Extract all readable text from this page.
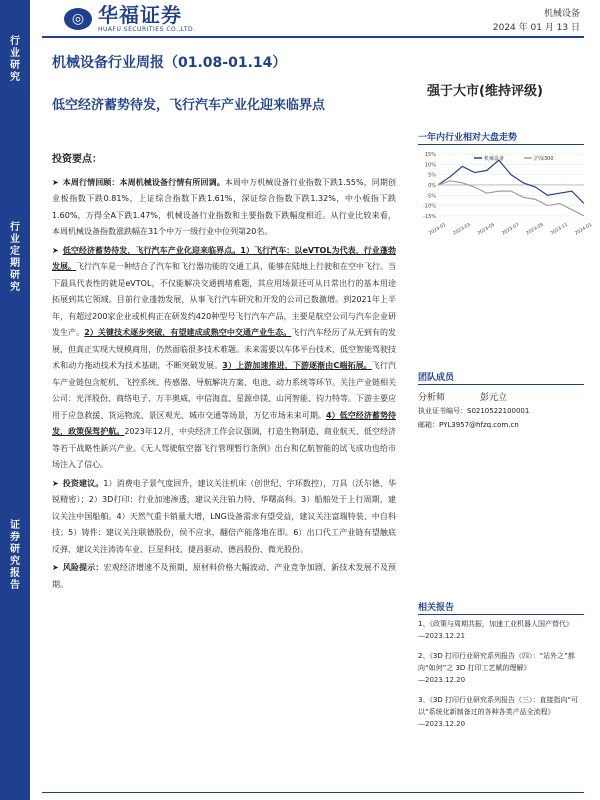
行业研究
行业定期研究
证券研究报告
◎ 华福证券
HUAFU SECURITIES CO.,LTD.
机械设备
2024 年 01 月 13 日
机械设备行业周报（01.08-01.14）
强于大市(维持评级)
低空经济蓄势待发，飞行汽车产业化迎来临界点
投资要点：

➤ 本周行情回顾：本周机械设备行情有所回调。本周中万机械设备行业指数下跌1.55%，同期创业板指数下跌0.81%，上证综合指数下跌1.61%，深证综合指数下跌1.32%，中小板指下跌1.60%，万得全A下跌1.47%，机械设备行业指数和主要指数下跌幅度相近。从行业比较来看，本周机械设备指数涨跌幅在31个中万一级行业中位列第20名。

➤ 低空经济蓄势待发，飞行汽车产业化迎来临界点。1）飞行汽车：以eVTOL为代表，行业蓬勃发展。飞行汽车是一种结合了汽车和飞行器功能的交通工具，能够在陆地上行驶和在空中飞行。当下最具代表性的就是eVTOL，不仅能解决交通拥堵难题，其应用场景还可从日常出行的基本用途拓展到其它领域。目前行业蓬勃发展，从事飞行汽车研究和开发的公司已数激增。到2021年上半年，有超过200家企业或机构正在研发约420种型号飞行汽车产品，主要是航空公司与汽车企业研发生产。2）关键技术逐步突破，有望建成或熟空中交通产业生态。飞行汽车经历了从无到有的发展，但真正实现大规模商用，仍然面临很多技术难题。未来需要以车体平台技术、低空智能驾驶技术和动力拖动技术为技术基础，不断突破发展。3）上游加速推进，下游逐渐由C端拓展。飞行汽车产业链包含舵机、飞控系统、传感器、导航解决方案、电池、动力系统等环节。关注产业链相关公司：光洋股份、商络电子、万丰奥威、中信海直、星源卓镁、山河智能、钧力特等。下游主要应用于应急救援、货运物流、景区观光、城市交通等场景，万亿市场未来可期。4）低空经济蓄势待发，政策保驾护航。2023年12月，中央经济工作会议强调，打造生物制造、商业航天、低空经济等若干战略性新兴产业。《无人驾驶航空器飞行管理暂行条例》出台和亿航智能的试飞成功也给市场注入了信心。

➤ 投资建议。1）消费电子景气度回升，建议关注机床（创世纪、宇环数控），刀具（沃尔德、华锐精密）；2）3D打印：行业加速渗透，建议关注铂力特、华曙高科。3）船舶处于上行周期，建议关注中国船舶。4）天然气重卡销量大增，LNG设备需求有望受益，建议关注富瑞特装、中自科技；5）铸件：建议关注联德股份，侯不应求，翻倍产能落地在即。6）出口代工产业链有望触底反弹，建议关注涛涛车业、巨星科技、捷昌驱动、德昌股份、微光股份。

➤ 风险提示：宏观经济增速不及预期、原材料价格大幅波动、产业竞争加剧、新技术发展不及预期。

一年内行业相对大盘走势
15%
10%
5%
0%
-5%
-10%
-15%
2023-01 2023-03 2023-05 2023-07 2023-09 2023-11 2024-01
机械设备	沪深300
团队成员
分析师	彭元立
执业证书编号：S0210522100001
邮箱：PYL3957@hfzq.com.cn
相关报告
1、《政策与周期共振，加速工业机器人国产替代》
—2023.12.21
2、《3D 打印行业研究系列报告（四）：“站外之”都向“如何”之 3D 打印工艺赋的理解》
—2023.12.20
3、《3D 打印行业研究系列报告（三）：直接指向“可以”系统化新制备过的各种各类产品全流程》
—2023.12.20
